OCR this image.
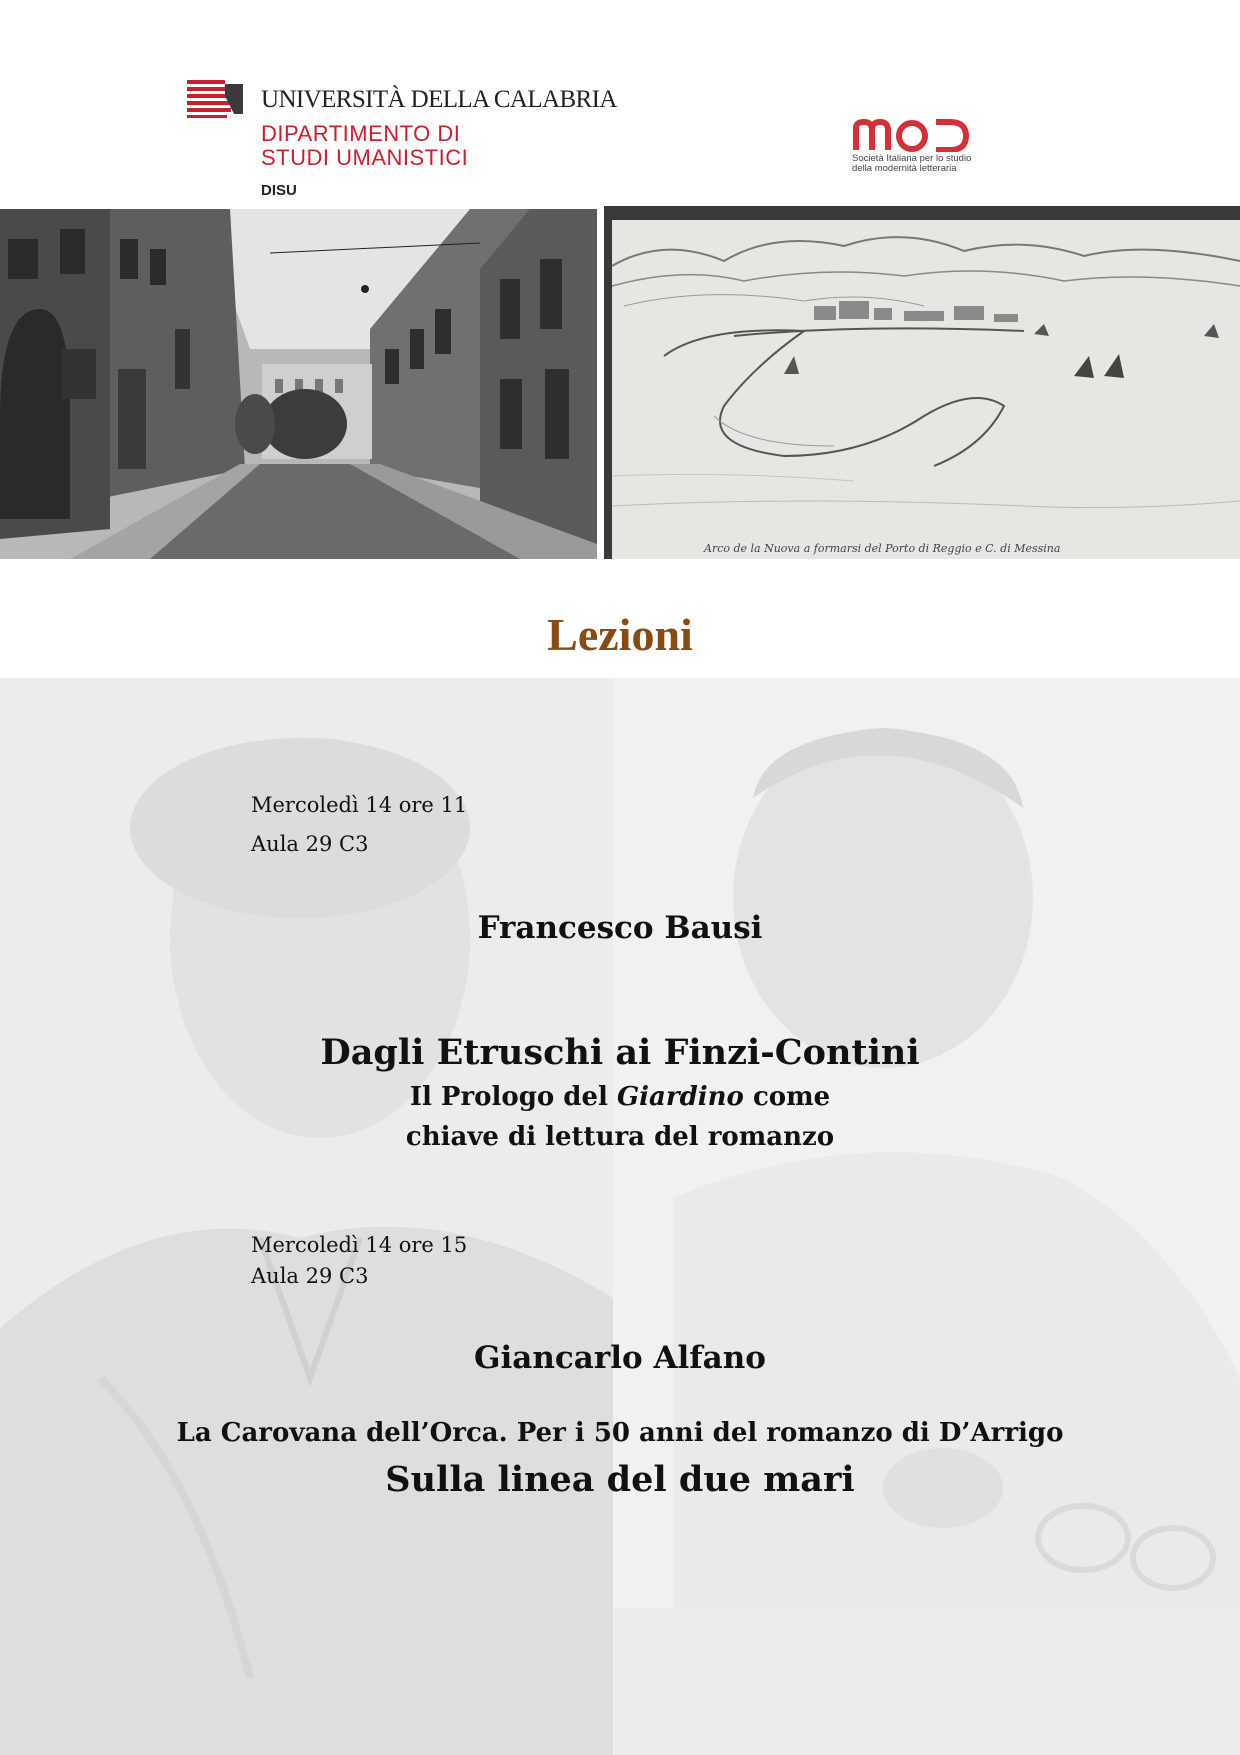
UNIVERSITÀ DELLA CALABRIA
DIPARTIMENTO DI
STUDI UMANISTICI
DISU
Società Italiana per lo studio
della modernità letteraria
Arco de la Nuova a formarsi del Porto di Reggio e C. di Messina
Lezioni

Mercoledì 14 ore 11

Aula 29 C3

Francesco Bausi

Dagli Etruschi ai Finzi-Contini

Il Prologo del Giardino come

chiave di lettura del romanzo

Mercoledì 14 ore 15

Aula 29 C3

Giancarlo Alfano

La Carovana dell’Orca. Per i 50 anni del romanzo di D’Arrigo

Sulla linea del due mari
